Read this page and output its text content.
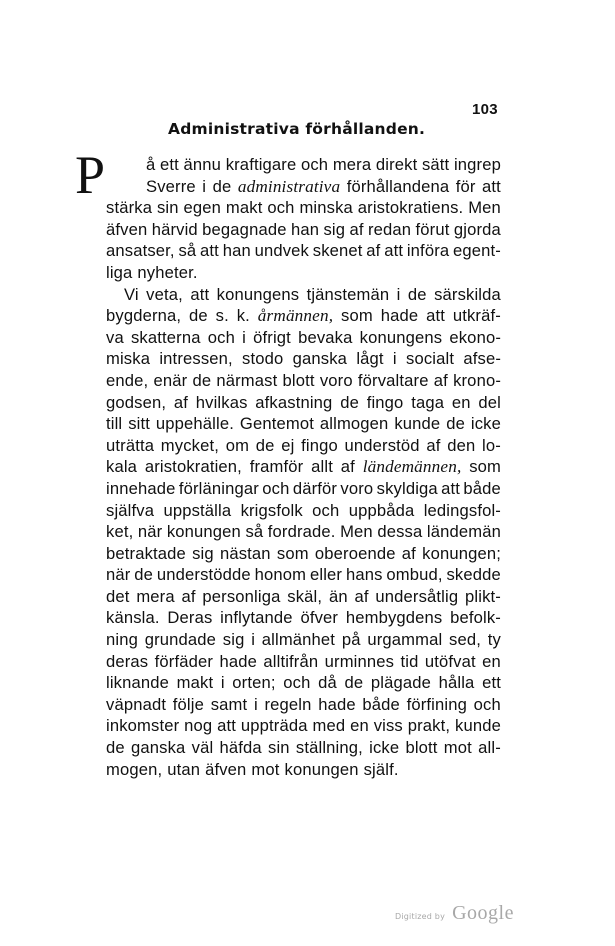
103
Administrativa förhållanden.
P å ett ännu kraftigare och mera direkt sätt ingrep
Sverre i de administrativa förhållandena för att
stärka sin egen makt och minska aristokratiens. Men
äfven härvid begagnade han sig af redan förut gjorda
ansatser, så att han undvek skenet af att införa egent-
liga nyheter.
Vi veta, att konungens tjänstemän i de särskilda
bygderna, de s. k. årmännen, som hade att utkräf-
va skatterna och i öfrigt bevaka konungens ekono-
miska intressen, stodo ganska lågt i socialt afse-
ende, enär de närmast blott voro förvaltare af krono-
godsen, af hvilkas afkastning de fingo taga en del
till sitt uppehälle. Gentemot allmogen kunde de icke
uträtta mycket, om de ej fingo understöd af den lo-
kala aristokratien, framför allt af ländemännen, som
innehade förläningar och därför voro skyldiga att både
själfva uppställa krigsfolk och uppbåda ledingsfol-
ket, när konungen så fordrade. Men dessa ländemän
betraktade sig nästan som oberoende af konungen;
när de understödde honom eller hans ombud, skedde
det mera af personliga skäl, än af undersåtlig plikt-
känsla. Deras inflytande öfver hembygdens befolk-
ning grundade sig i allmänhet på urgammal sed, ty
deras förfäder hade alltifrån urminnes tid utöfvat en
liknande makt i orten; och då de plägade hålla ett
väpnadt följe samt i regeln hade både förfining och
inkomster nog att uppträda med en viss prakt, kunde
de ganska väl häfda sin ställning, icke blott mot all-
mogen, utan äfven mot konungen själf.
Digitized by Google
